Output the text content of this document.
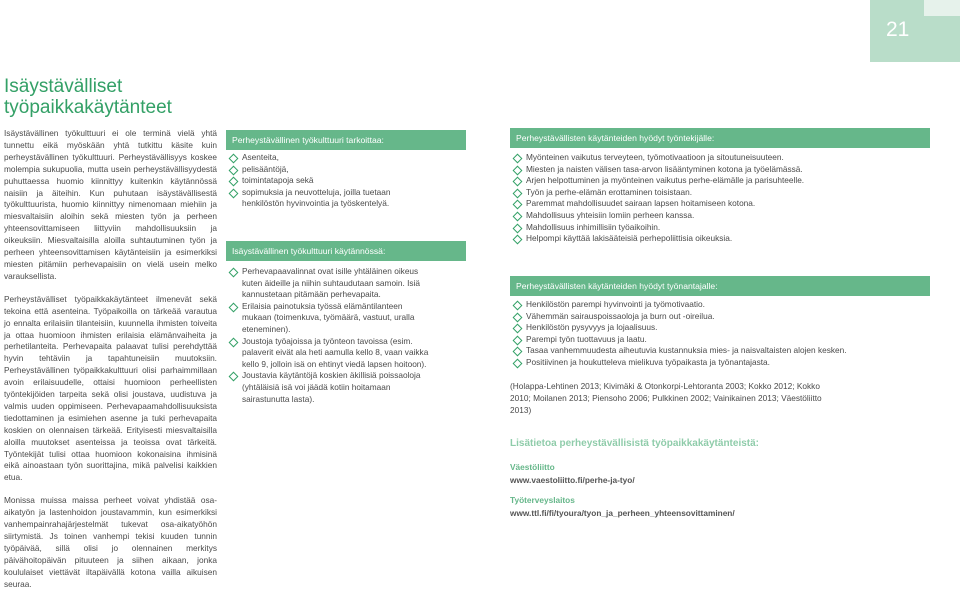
21
Isäystävälliset työpaikkakäytänteet

Isäystävällinen työkulttuuri ei ole terminä vielä yhtä tunnettu eikä myöskään yhtä tutkittu käsite kuin perheystävällinen työkulttuuri. Perheystävällisyys koskee molempia sukupuolia, mutta usein perheystävällisyydestä puhuttaessa huomio kiinnittyy kuitenkin käytännössä naisiin ja äiteihin. Kun puhutaan isäystävällisestä työkulttuurista, huomio kiinnittyy nimenomaan miehiin ja miesvaltaisiin aloihin sekä miesten työn ja perheen yhteensovittamiseen liittyviin mahdollisuuksiin ja oikeuksiin. Miesvaltaisilla aloilla suhtautuminen työn ja perheen yhteensovittamisen käytänteisiin ja esimerkiksi miesten pitämiin perhevapaisiin on vielä usein melko varauksellista.

Perheystävälliset työpaikkakäytänteet ilmenevät sekä tekoina että asenteina. Työpaikoilla on tärkeää varautua jo ennalta erilaisiin tilanteisiin, kuunnella ihmisten toiveita ja ottaa huomioon ihmisten erilaisia elämänvaiheita ja perhetilanteita. Perhevapaita palaavat tulisi perehdyttää hyvin tehtäviin ja tapahtuneisiin muutoksiin. Perheystävällinen työpaikkakulttuuri olisi parhaimmillaan avoin erilaisuudelle, ottaisi huomioon perheellisten työntekijöiden tarpeita sekä olisi joustava, uudistuva ja valmis uuden oppimiseen. Perhevapaamahdollisuuksista tiedottaminen ja esimiehen asenne ja tuki perhevapaita koskien on olennaisen tärkeää. Erityisesti miesvaltaisilla aloilla muutokset asenteissa ja teoissa ovat tärkeitä. Työntekijät tulisi ottaa huomioon kokonaisina ihmisinä eikä ainoastaan työn suorittajina, mikä palvelisi kaikkien etua.

Monissa muissa maissa perheet voivat yhdistää osa-aikatyön ja lastenhoidon joustavammin, kun esimerkiksi vanhempainrahajärjestelmät tukevat osa-aikatyöhön siirtymistä. Js toinen vanhempi tekisi kuuden tunnin työpäivää, sillä olisi jo olennainen merkitys päivähoitopäivän pituuteen ja siihen aikaan, jonka koululaiset viettävät iltapäivällä kotona vailla aikuisen seuraa.

Perheystävällinen työkulttuuri tarkoittaa:
Asenteita,
pelisääntöjä,
toimintatapoja sekä
sopimuksia ja neuvotteluja, joilla tuetaan henkilöstön hyvinvointia ja työskentelyä.
Isäystävällinen työkulttuuri käytännössä:
Perhevapaavalinnat ovat isille yhtäläinen oikeus kuten äideille ja niihin suhtaudutaan samoin. Isiä kannustetaan pitämään perhevapaita.
Erilaisia painotuksia työssä elämäntilanteen mukaan (toimenkuva, työmäärä, vastuut, uralla eteneminen).
Joustoja työajoissa ja työnteon tavoissa (esim. palaverit eivät ala heti aamulla kello 8, vaan vaikka kello 9, jolloin isä on ehtinyt viedä lapsen hoitoon).
Joustavia käytäntöjä koskien äkillisiä poissaoloja (yhtäläisiä isä voi jäädä kotiin hoitamaan sairastunutta lasta).
Perheystävällisten käytänteiden hyödyt työntekijälle:
Myönteinen vaikutus terveyteen, työmotivaatioon ja sitoutuneisuuteen.
Miesten ja naisten välisen tasa-arvon lisääntyminen kotona ja työelämässä.
Arjen helpottuminen ja myönteinen vaikutus perhe-elämälle ja parisuhteelle.
Työn ja perhe-elämän erottaminen toisistaan.
Paremmat mahdollisuudet sairaan lapsen hoitamiseen kotona.
Mahdollisuus yhteisiin lomiin perheen kanssa.
Mahdollisuus inhimillisiin työaikoihin.
Helpompi käyttää lakisääteisiä perhepoliittisia oikeuksia.
Perheystävällisten käytänteiden hyödyt työnantajalle:
Henkilöstön parempi hyvinvointi ja työmotivaatio.
Vähemmän sairauspoissaoloja ja burn out -oireilua.
Henkilöstön pysyvyys ja lojaalisuus.
Parempi työn tuottavuus ja laatu.
Tasaa vanhemmuudesta aiheutuvia kustannuksia mies- ja naisvaltaisten alojen kesken.
Positiivinen ja houkutteleva mielikuva työpaikasta ja työnantajasta.
(Holappa-Lehtinen 2013; Kivimäki & Otonkorpi-Lehtoranta 2003; Kokko 2012; Kokko 2010; Moilanen 2013; Piensoho 2006; Pulkkinen 2002; Vainikainen 2013; Väestöliitto 2013)
Lisätietoa perheystävällisistä työpaikkakäytänteistä:
Väestöliitto
www.vaestoliitto.fi/perhe-ja-tyo/
Työterveyslaitos
www.ttl.fi/fi/tyoura/tyon_ja_perheen_yhteensovittaminen/
